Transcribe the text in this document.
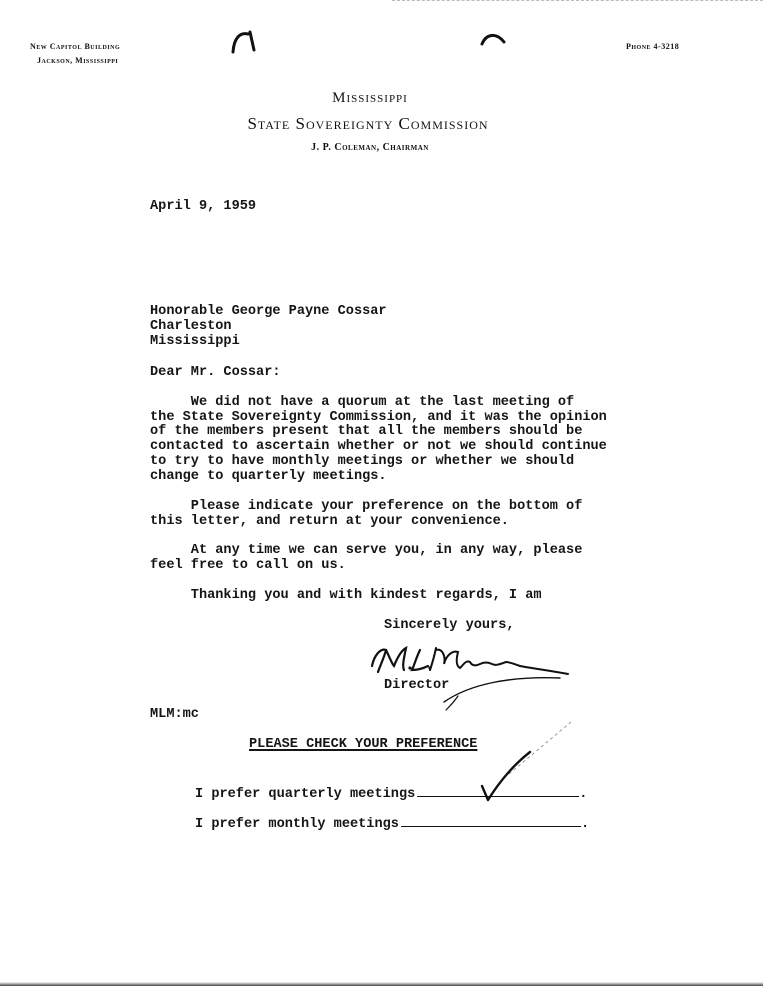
New Capitol Building
Jackson, Mississippi
Phone 4-3218
Mississippi
State Sovereignty Commission
J. P. Coleman, Chairman
April 9, 1959
Honorable George Payne Cossar
Charleston
Mississippi
Dear Mr. Cossar:
We did not have a quorum at the last meeting of
the State Sovereignty Commission, and it was the opinion
of the members present that all the members should be
contacted to ascertain whether or not we should continue
to try to have monthly meetings or whether we should
change to quarterly meetings.
Please indicate your preference on the bottom of
this letter, and return at your convenience.
At any time we can serve you, in any way, please
feel free to call on us.
Thanking you and with kindest regards, I am
Sincerely yours,
Director
MLM:mc
PLEASE CHECK YOUR PREFERENCE
I prefer quarterly meetings	.
I prefer monthly meetings	.
